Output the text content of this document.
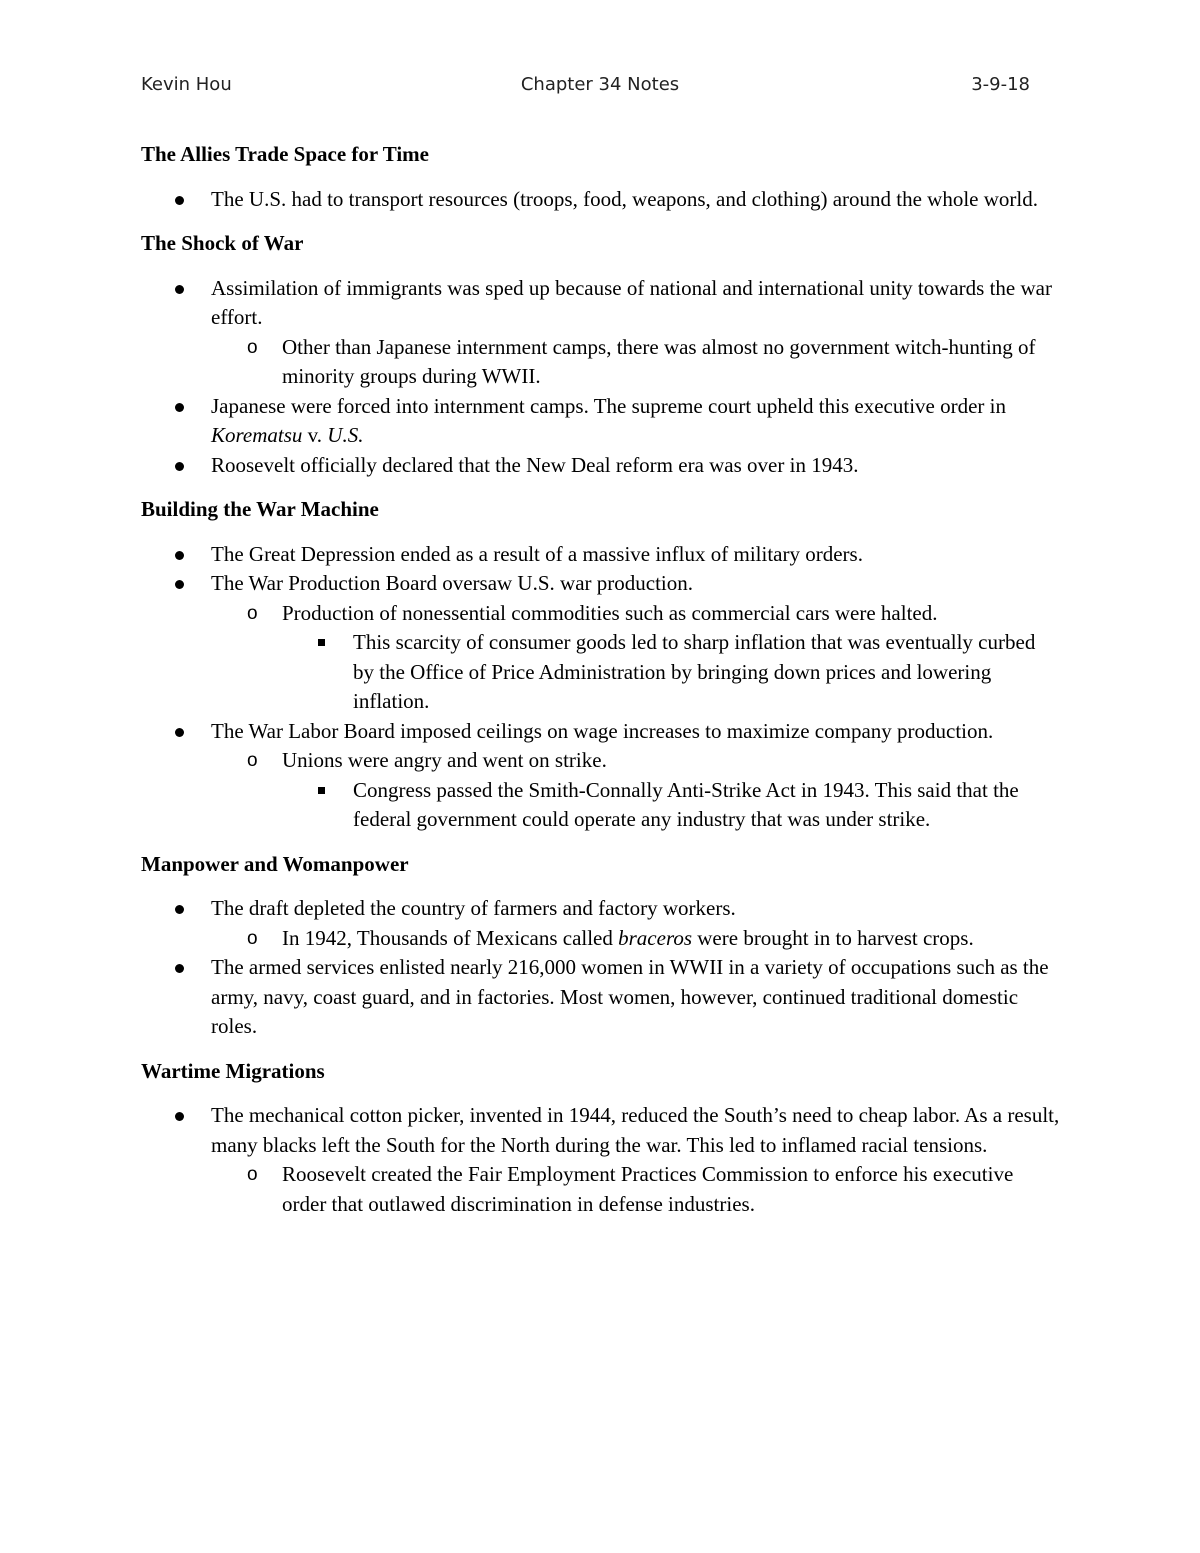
Kevin Hou	Chapter 34 Notes	3-9-18
The Allies Trade Space for Time
The U.S. had to transport resources (troops, food, weapons, and clothing) around the whole world.
The Shock of War
Assimilation of immigrants was sped up because of national and international unity towards the war effort.
o Other than Japanese internment camps, there was almost no government witch-hunting of minority groups during WWII.
Japanese were forced into internment camps. The supreme court upheld this executive order in Korematsu v. U.S.
Roosevelt officially declared that the New Deal reform era was over in 1943.
Building the War Machine
The Great Depression ended as a result of a massive influx of military orders.
The War Production Board oversaw U.S. war production.
o Production of nonessential commodities such as commercial cars were halted.
This scarcity of consumer goods led to sharp inflation that was eventually curbed by the Office of Price Administration by bringing down prices and lowering inflation.
The War Labor Board imposed ceilings on wage increases to maximize company production.
o Unions were angry and went on strike.
Congress passed the Smith-Connally Anti-Strike Act in 1943. This said that the federal government could operate any industry that was under strike.
Manpower and Womanpower
The draft depleted the country of farmers and factory workers.
o In 1942, Thousands of Mexicans called braceros were brought in to harvest crops.
The armed services enlisted nearly 216,000 women in WWII in a variety of occupations such as the army, navy, coast guard, and in factories. Most women, however, continued traditional domestic roles.
Wartime Migrations
The mechanical cotton picker, invented in 1944, reduced the South’s need to cheap labor. As a result, many blacks left the South for the North during the war. This led to inflamed racial tensions.
o Roosevelt created the Fair Employment Practices Commission to enforce his executive order that outlawed discrimination in defense industries.
